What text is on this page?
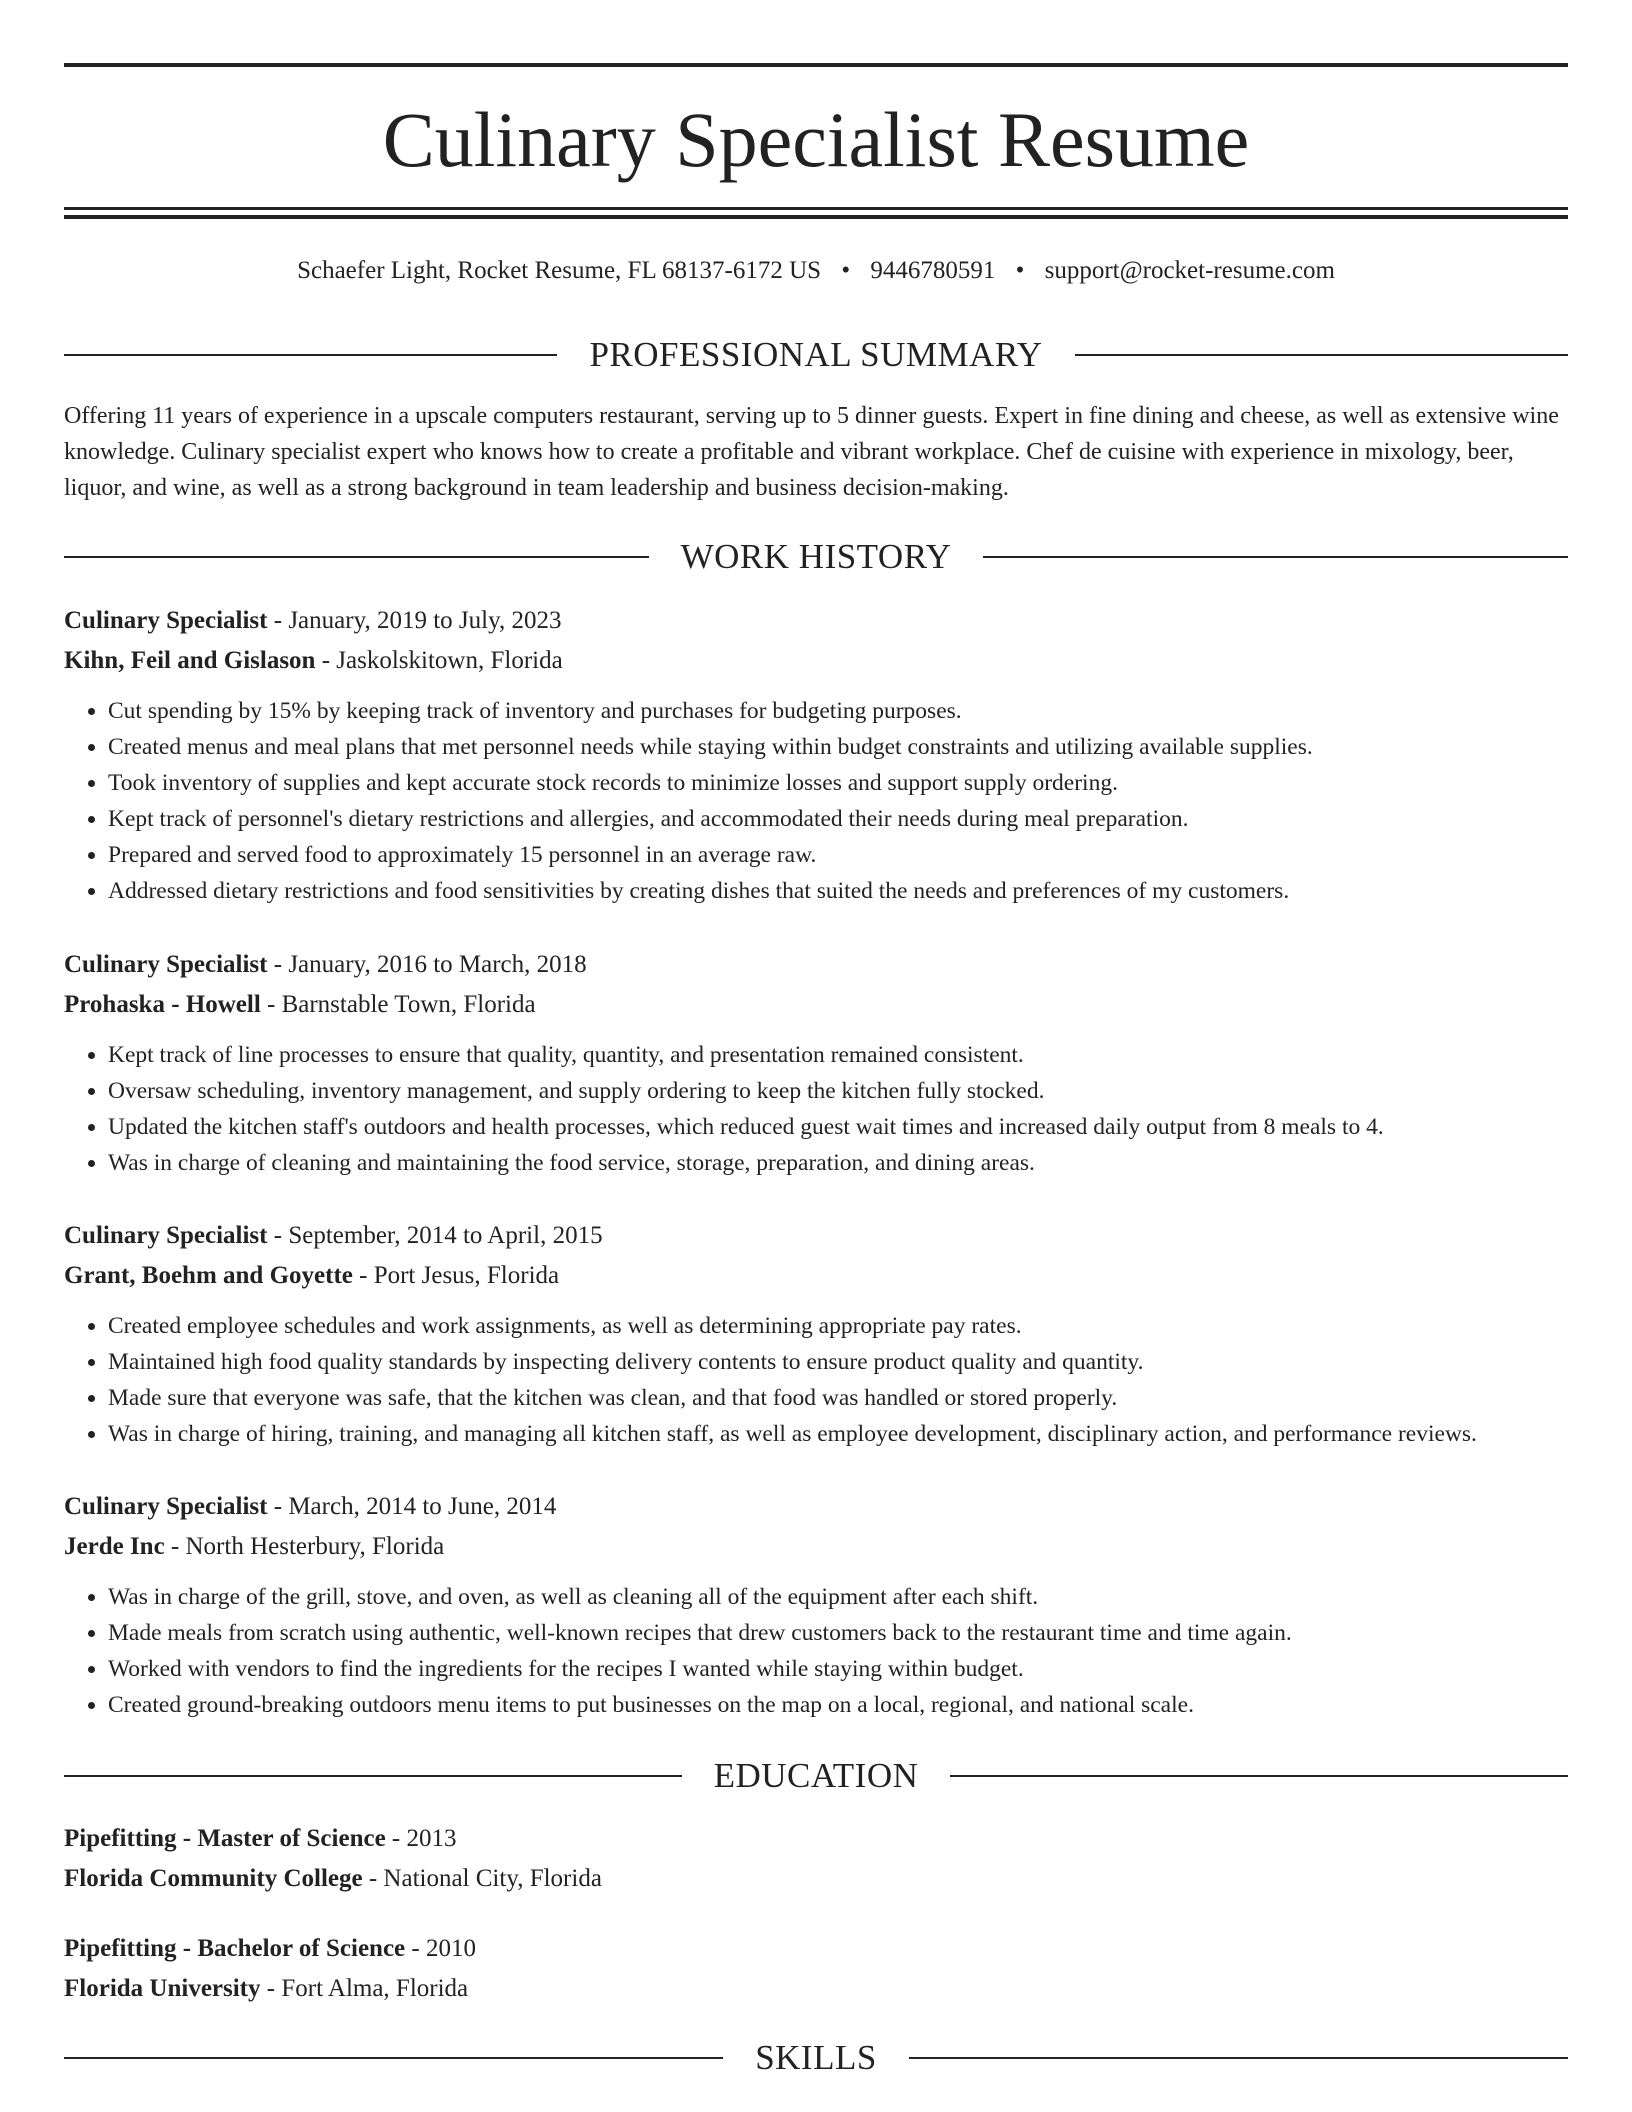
Culinary Specialist Resume
Schaefer Light, Rocket Resume, FL 68137-6172 US • 9446780591 • support@rocket-resume.com
PROFESSIONAL SUMMARY

Offering 11 years of experience in a upscale computers restaurant, serving up to 5 dinner guests. Expert in fine dining and cheese, as well as extensive wine knowledge. Culinary specialist expert who knows how to create a profitable and vibrant workplace. Chef de cuisine with experience in mixology, beer, liquor, and wine, as well as a strong background in team leadership and business decision-making.

WORK HISTORY
Culinary Specialist - January, 2019 to July, 2023
Kihn, Feil and Gislason - Jaskolskitown, Florida
• Cut spending by 15% by keeping track of inventory and purchases for budgeting purposes.
• Created menus and meal plans that met personnel needs while staying within budget constraints and utilizing available supplies.
• Took inventory of supplies and kept accurate stock records to minimize losses and support supply ordering.
• Kept track of personnel's dietary restrictions and allergies, and accommodated their needs during meal preparation.
• Prepared and served food to approximately 15 personnel in an average raw.
• Addressed dietary restrictions and food sensitivities by creating dishes that suited the needs and preferences of my customers.
Culinary Specialist - January, 2016 to March, 2018
Prohaska - Howell - Barnstable Town, Florida
• Kept track of line processes to ensure that quality, quantity, and presentation remained consistent.
• Oversaw scheduling, inventory management, and supply ordering to keep the kitchen fully stocked.
• Updated the kitchen staff's outdoors and health processes, which reduced guest wait times and increased daily output from 8 meals to 4.
• Was in charge of cleaning and maintaining the food service, storage, preparation, and dining areas.
Culinary Specialist - September, 2014 to April, 2015
Grant, Boehm and Goyette - Port Jesus, Florida
• Created employee schedules and work assignments, as well as determining appropriate pay rates.
• Maintained high food quality standards by inspecting delivery contents to ensure product quality and quantity.
• Made sure that everyone was safe, that the kitchen was clean, and that food was handled or stored properly.
• Was in charge of hiring, training, and managing all kitchen staff, as well as employee development, disciplinary action, and performance reviews.
Culinary Specialist - March, 2014 to June, 2014
Jerde Inc - North Hesterbury, Florida
• Was in charge of the grill, stove, and oven, as well as cleaning all of the equipment after each shift.
• Made meals from scratch using authentic, well-known recipes that drew customers back to the restaurant time and time again.
• Worked with vendors to find the ingredients for the recipes I wanted while staying within budget.
• Created ground-breaking outdoors menu items to put businesses on the map on a local, regional, and national scale.
EDUCATION
Pipefitting - Master of Science - 2013
Florida Community College - National City, Florida
Pipefitting - Bachelor of Science - 2010
Florida University - Fort Alma, Florida
SKILLS
